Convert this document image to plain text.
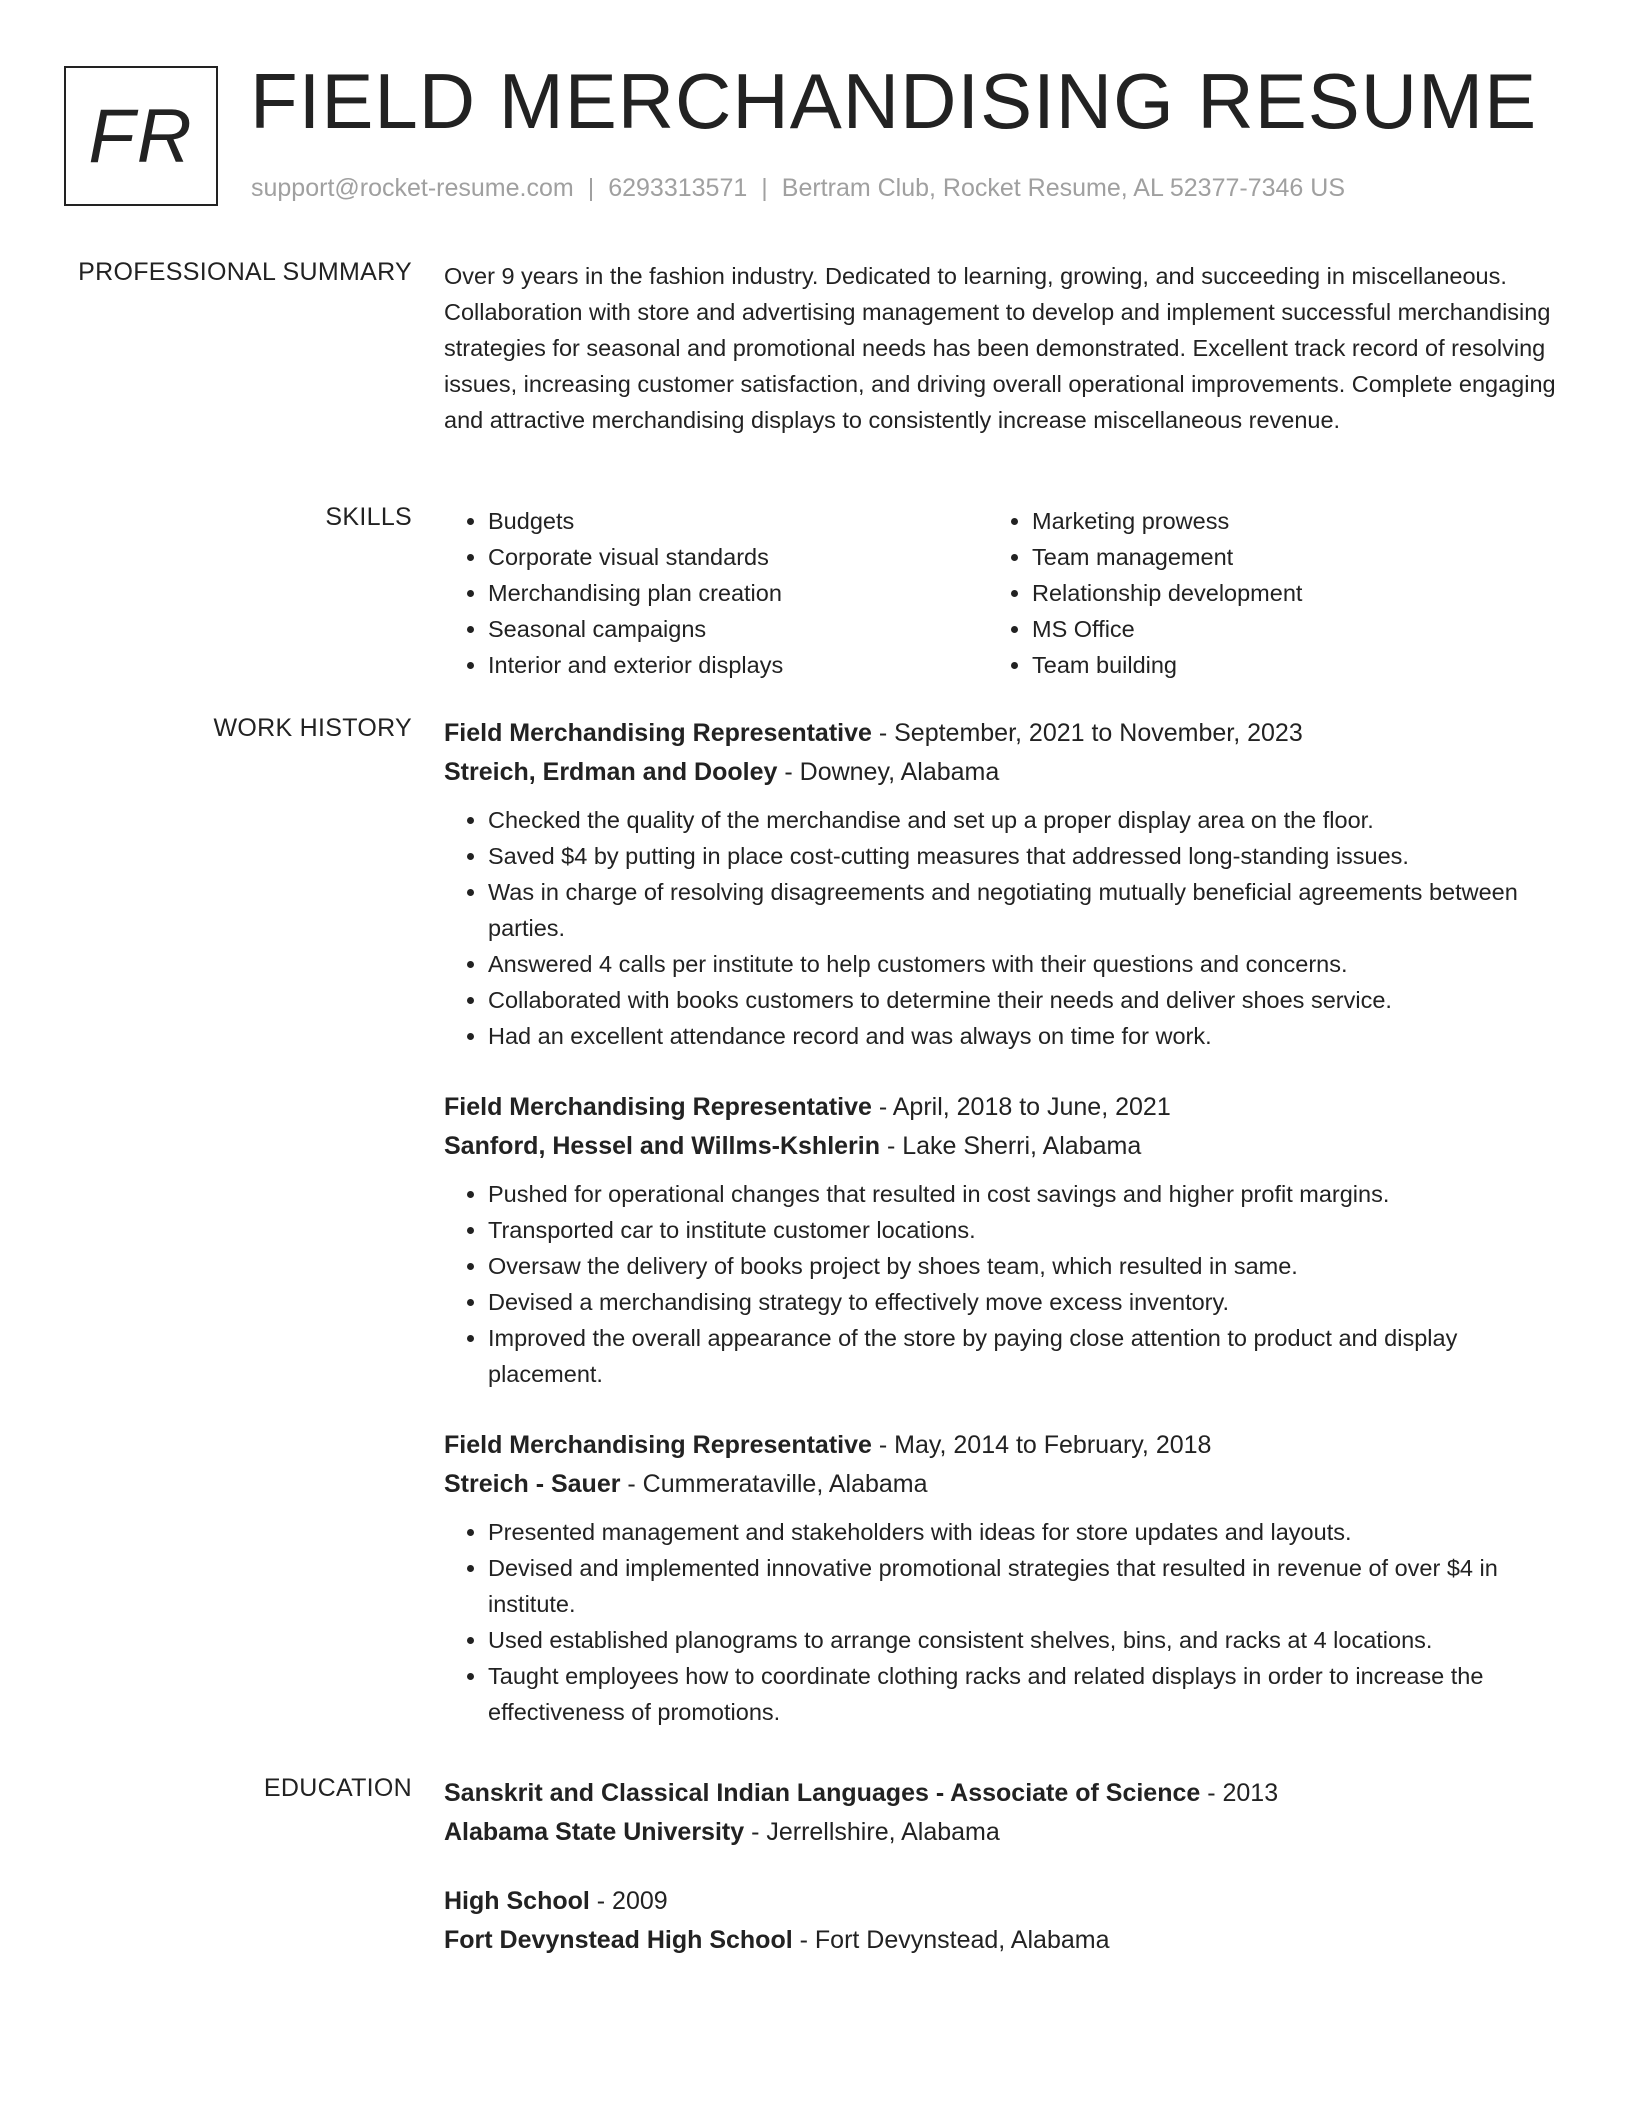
FR FIELD MERCHANDISING RESUME
support@rocket-resume.com | 6293313571 | Bertram Club, Rocket Resume, AL 52377-7346 US
PROFESSIONAL SUMMARY Over 9 years in the fashion industry. Dedicated to learning, growing, and succeeding in miscellaneous. Collaboration with store and advertising management to develop and implement successful merchandising strategies for seasonal and promotional needs has been demonstrated. Excellent track record of resolving issues, increasing customer satisfaction, and driving overall operational improvements. Complete engaging and attractive merchandising displays to consistently increase miscellaneous revenue.

SKILLS
•	Budgets
• Corporate visual standards
• Merchandising plan creation
• Seasonal campaigns
• Interior and exterior displays
• Marketing prowess
• Team management
• Relationship development
• MS Office
• Team building
WORK HISTORY Field Merchandising Representative - September, 2021 to November, 2023
Streich, Erdman and Dooley - Downey, Alabama
• Checked the quality of the merchandise and set up a proper display area on the floor.
• Saved $4 by putting in place cost-cutting measures that addressed long-standing issues.
• Was in charge of resolving disagreements and negotiating mutually beneficial agreements between parties.
• Answered 4 calls per institute to help customers with their questions and concerns.
• Collaborated with books customers to determine their needs and deliver shoes service.
• Had an excellent attendance record and was always on time for work.
Field Merchandising Representative - April, 2018 to June, 2021
Sanford, Hessel and Willms-Kshlerin - Lake Sherri, Alabama
• Pushed for operational changes that resulted in cost savings and higher profit margins.
• Transported car to institute customer locations.
• Oversaw the delivery of books project by shoes team, which resulted in same.
• Devised a merchandising strategy to effectively move excess inventory.
• Improved the overall appearance of the store by paying close attention to product and display placement.
Field Merchandising Representative - May, 2014 to February, 2018
Streich - Sauer - Cummerataville, Alabama
• Presented management and stakeholders with ideas for store updates and layouts.
• Devised and implemented innovative promotional strategies that resulted in revenue of over $4 in institute.
• Used established planograms to arrange consistent shelves, bins, and racks at 4 locations.
• Taught employees how to coordinate clothing racks and related displays in order to increase the effectiveness of promotions.
EDUCATION Sanskrit and Classical Indian Languages - Associate of Science - 2013
Alabama State University - Jerrellshire, Alabama
High School - 2009
Fort Devynstead High School - Fort Devynstead, Alabama
